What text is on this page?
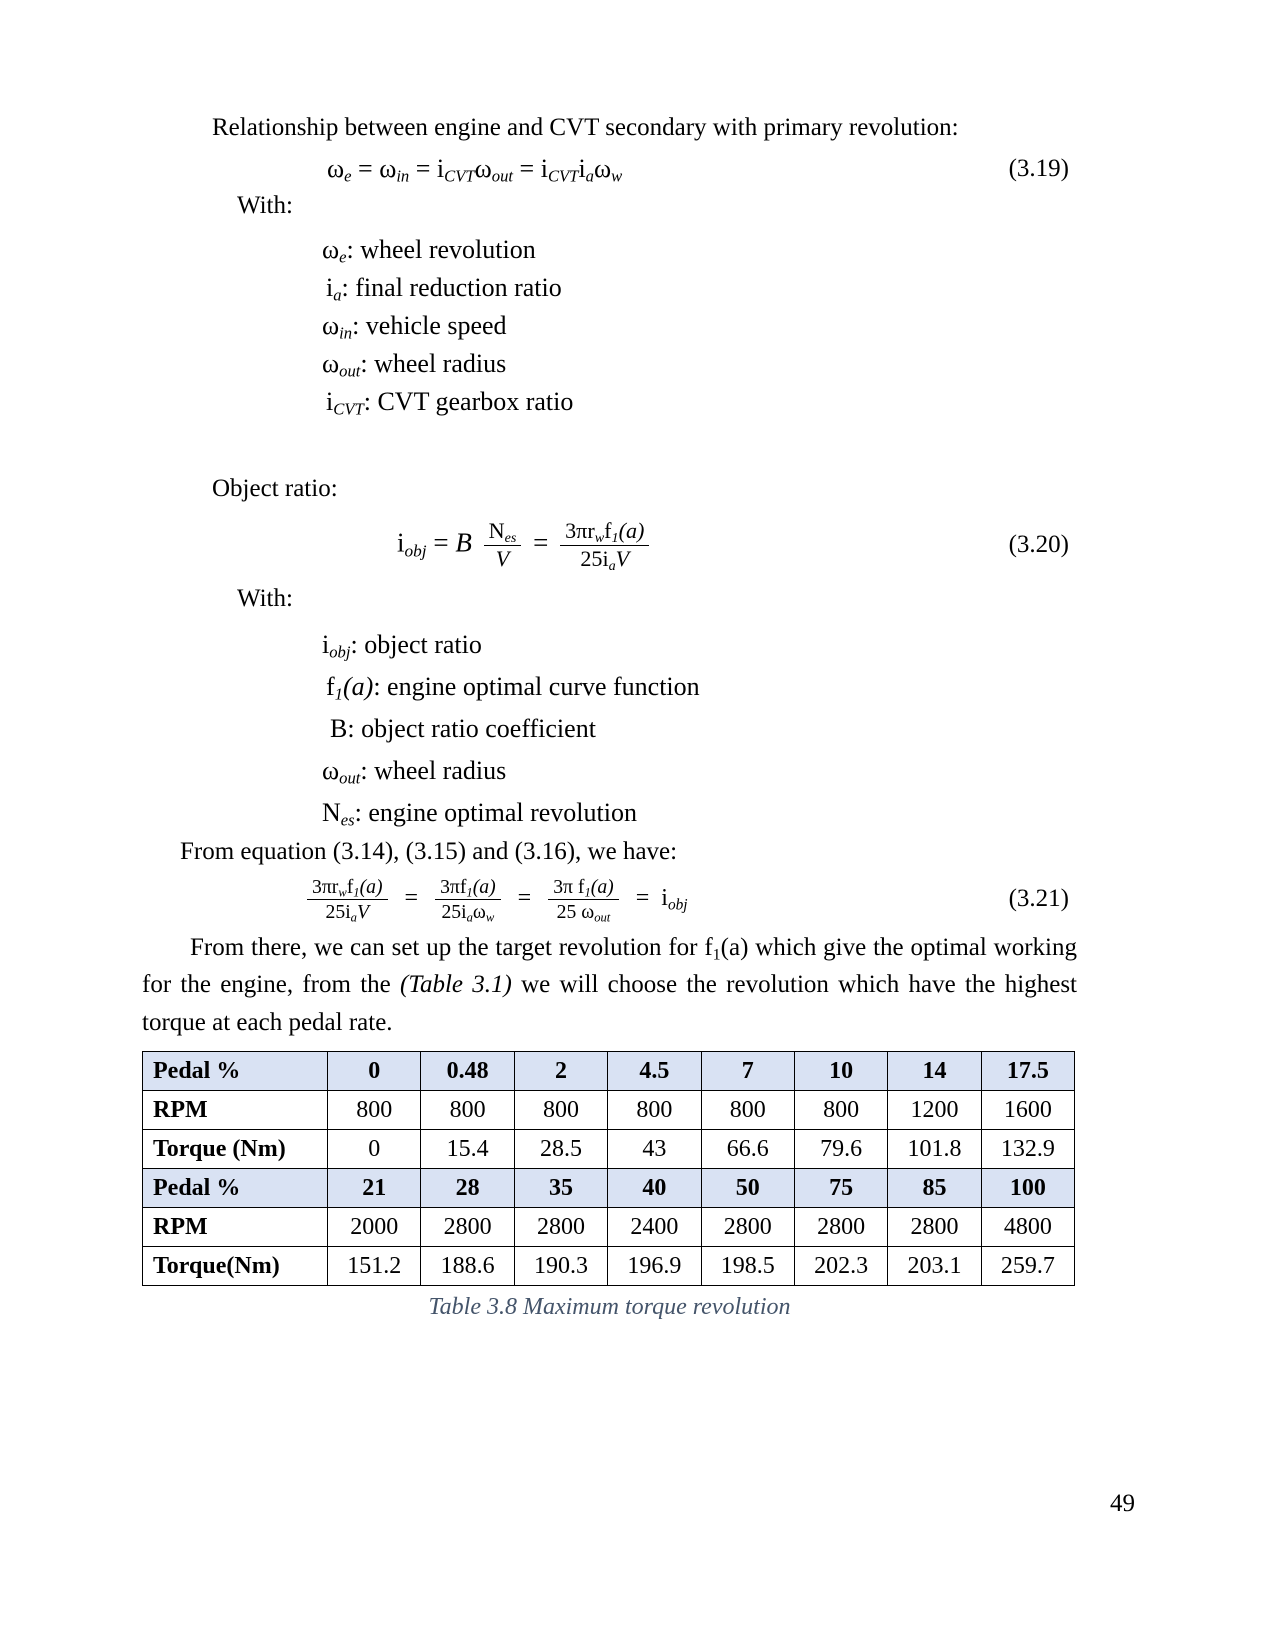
Relationship between engine and CVT secondary with primary revolution:
$\omega_e = \omega_{in} = i_{CVT}\omega_{out} = i_{CVT}i_a\omega_w$	(3.19)
With:
$\omega_e$: wheel revolution
$i_a$: final reduction ratio
$\omega_{in}$: vehicle speed
$\omega_{out}$: wheel radius
$i_{CVT}$: CVT gearbox ratio
Object ratio:
$i_{obj} = B \frac{N_{es}}{V} = \frac{3\pi r_wf_1(a)}{25i_aV}$	(3.20)
With:
$i_{obj}$: object ratio
$f_1(a)$: engine optimal curve function
B: object ratio coefficient
$\omega_{out}$: wheel radius
$N_{es}$: engine optimal revolution
From equation (3.14), (3.15) and (3.16), we have:
$\frac{3\pi r_wf_1(a)}{25i_aV} = \frac{3\pi f_1(a)}{25i_a\omega_w} = \frac{3\pi f_1(a)}{25 \omega_{out}} = i_{obj}$	(3.21)
From there, we can set up the target revolution for $f_1(a)$ which give the optimal working for the engine, from the (Table 3.1) we will choose the revolution which have the highest torque at each pedal rate.
Pedal %	0	0.48	2	4.5	7	10	14	17.5
RPM	800	800	800	800	800	800	1200	1600
Torque (Nm)	0	15.4	28.5	43	66.6	79.6	101.8	132.9
Pedal %	21	28	35	40	50	75	85	100
RPM	2000	2800	2800	2400	2800	2800	2800	4800
Torque(Nm)	151.2	188.6	190.3	196.9	198.5	202.3	203.1	259.7
Table 3.8 Maximum torque revolution
49
